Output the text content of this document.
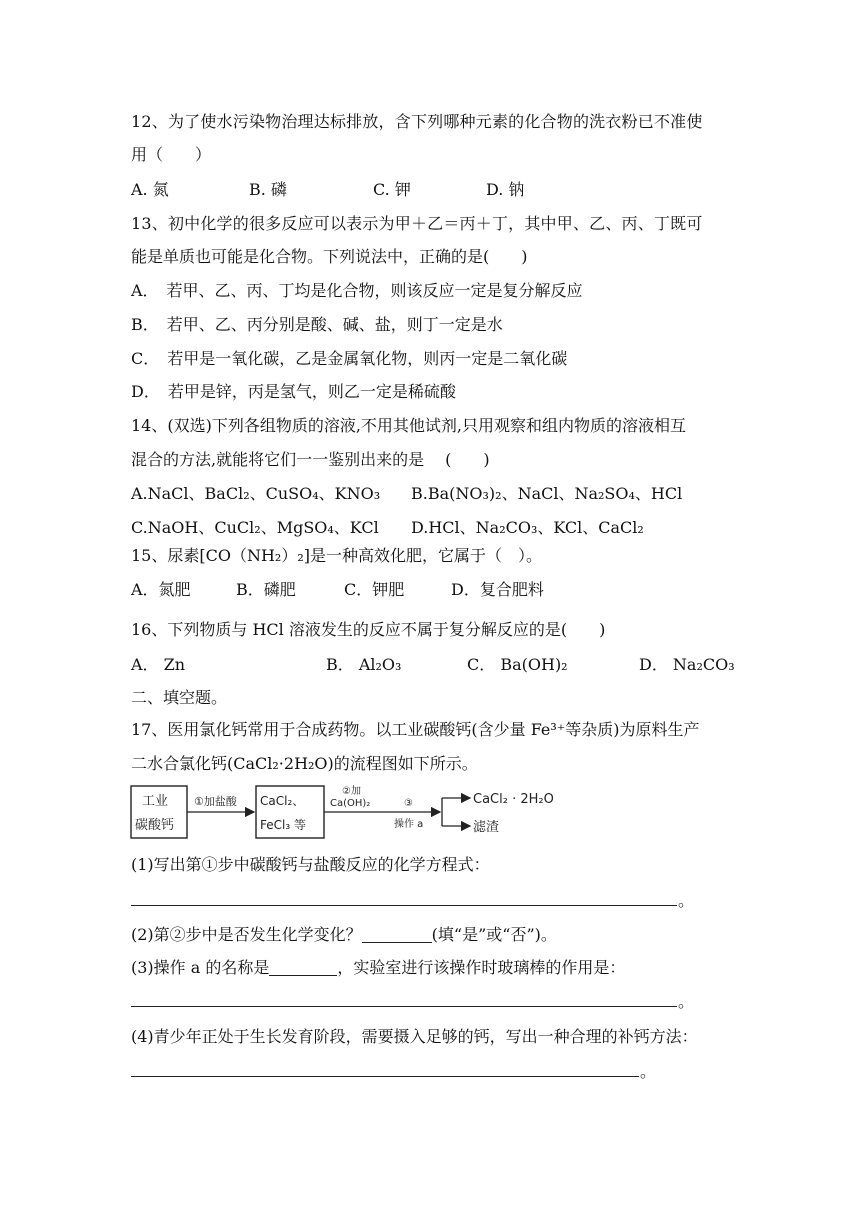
12、为了使水污染物治理达标排放，含下列哪种元素的化合物的洗衣粉已不准使
用（　　）
A. 氮	B. 磷	C. 钾	D. 钠
13、初中化学的很多反应可以表示为甲＋乙＝丙＋丁，其中甲、乙、丙、丁既可
能是单质也可能是化合物。下列说法中，正确的是(　　)
A．　若甲、乙、丙、丁均是化合物，则该反应一定是复分解反应
B．　若甲、乙、丙分别是酸、碱、盐，则丁一定是水
C．　若甲是一氧化碳，乙是金属氧化物，则丙一定是二氧化碳
D．　若甲是锌，丙是氢气，则乙一定是稀硫酸
14、(双选)下列各组物质的溶液,不用其他试剂,只用观察和组内物质的溶液相互
混合的方法,就能将它们一一鉴别出来的是　 (　　)
A.NaCl、BaCl₂、CuSO₄、KNO₃ B.Ba(NO₃)₂、NaCl、Na₂SO₄、HCl
C.NaOH、CuCl₂、MgSO₄、KCl D.HCl、Na₂CO₃、KCl、CaCl₂
15、尿素[CO（NH₂）₂]是一种高效化肥，它属于（　）。
A．氮肥	B．磷肥	C．钾肥	D．复合肥料
16、下列物质与 HCl 溶液发生的反应不属于复分解反应的是(　　)
A． Zn	B． Al₂O₃	C． Ba(OH)₂	D． Na₂CO₃
二、填空题。
17、医用氯化钙常用于合成药物。以工业碳酸钙(含少量 Fe³⁺等杂质)为原料生产
二水合氯化钙(CaCl₂·2H₂O)的流程图如下所示。
工业
碳酸钙
①加盐酸 CaCl₂、
FeCl₃ 等
②加
Ca(OH)₂	③
操作 a
CaCl₂ · 2H₂O
滤渣
(1)写出第①步中碳酸钙与盐酸反应的化学方程式：
。
(2)第②步中是否发生化学变化？	(填“是”或“否”)。
(3)操作 a 的名称是	，实验室进行该操作时玻璃棒的作用是：
。
(4)青少年正处于生长发育阶段，需要摄入足够的钙，写出一种合理的补钙方法：
。
